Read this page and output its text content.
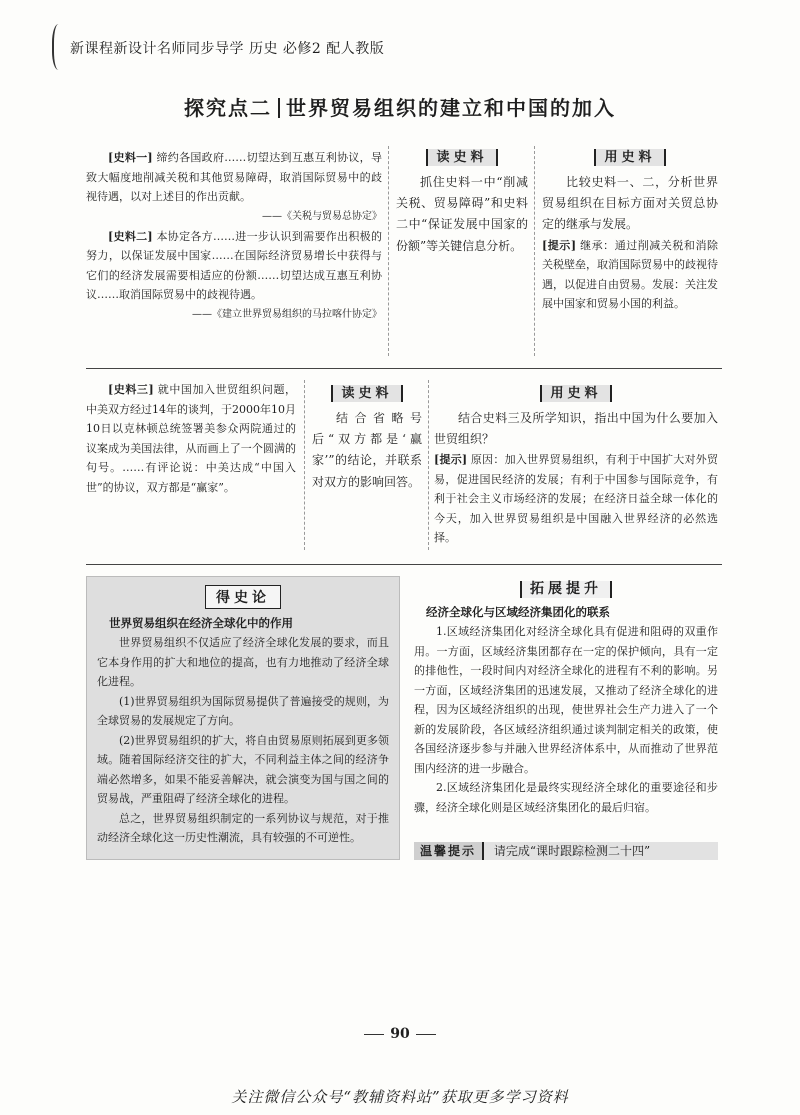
新课程新设计名师同步导学 历史 必修2 配人教版
探究点二 世界贸易组织的建立和中国的加入

[史料一] 缔约各国政府……切望达到互惠互利协议，导致大幅度地削减关税和其他贸易障碍，取消国际贸易中的歧视待遇，以对上述目的作出贡献。

——《关税与贸易总协定》

[史料二] 本协定各方……进一步认识到需要作出积极的努力，以保证发展中国家……在国际经济贸易增长中获得与它们的经济发展需要相适应的份额……切望达成互惠互利协议……取消国际贸易中的歧视待遇。

——《建立世界贸易组织的马拉喀什协定》

读史料

抓住史料一中“削减关税、贸易障碍”和史料二中“保证发展中国家的份额”等关键信息分析。

用史料

比较史料一、二，分析世界贸易组织在目标方面对关贸总协定的继承与发展。

[提示] 继承：通过削减关税和消除关税壁垒，取消国际贸易中的歧视待遇，以促进自由贸易。发展：关注发展中国家和贸易小国的利益。

[史料三] 就中国加入世贸组织问题，中美双方经过14年的谈判，于2000年10月10日以克林顿总统签署美参众两院通过的议案成为美国法律，从而画上了一个圆满的句号。……有评论说：中美达成“中国入世”的协议，双方都是“赢家”。

读史料

结合省略号后“双方都是‘赢家’”的结论，并联系对双方的影响回答。

用史料

结合史料三及所学知识，指出中国为什么要加入世贸组织？

[提示] 原因：加入世界贸易组织，有利于中国扩大对外贸易，促进国民经济的发展；有利于中国参与国际竞争，有利于社会主义市场经济的发展；在经济日益全球一体化的今天，加入世界贸易组织是中国融入世界经济的必然选择。

得史论

世界贸易组织在经济全球化中的作用

世界贸易组织不仅适应了经济全球化发展的要求，而且它本身作用的扩大和地位的提高，也有力地推动了经济全球化进程。

(1)世界贸易组织为国际贸易提供了普遍接受的规则，为全球贸易的发展规定了方向。

(2)世界贸易组织的扩大，将自由贸易原则拓展到更多领域。随着国际经济交往的扩大，不同利益主体之间的经济争端必然增多，如果不能妥善解决，就会演变为国与国之间的贸易战，严重阻碍了经济全球化的进程。

总之，世界贸易组织制定的一系列协议与规范，对于推动经济全球化这一历史性潮流，具有较强的不可逆性。

拓展提升

经济全球化与区域经济集团化的联系

1.区域经济集团化对经济全球化具有促进和阻碍的双重作用。一方面，区域经济集团都存在一定的保护倾向，具有一定的排他性，一段时间内对经济全球化的进程有不利的影响。另一方面，区域经济集团的迅速发展，又推动了经济全球化的进程，因为区域经济组织的出现，使世界社会生产力进入了一个新的发展阶段，各区域经济组织通过谈判制定相关的政策，使各国经济逐步参与并融入世界经济体系中，从而推动了世界范围内经济的进一步融合。

2.区域经济集团化是最终实现经济全球化的重要途径和步骤，经济全球化则是区域经济集团化的最后归宿。

温馨提示 请完成“课时跟踪检测二十四”
90
关注微信公众号“教辅资料站”获取更多学习资料
